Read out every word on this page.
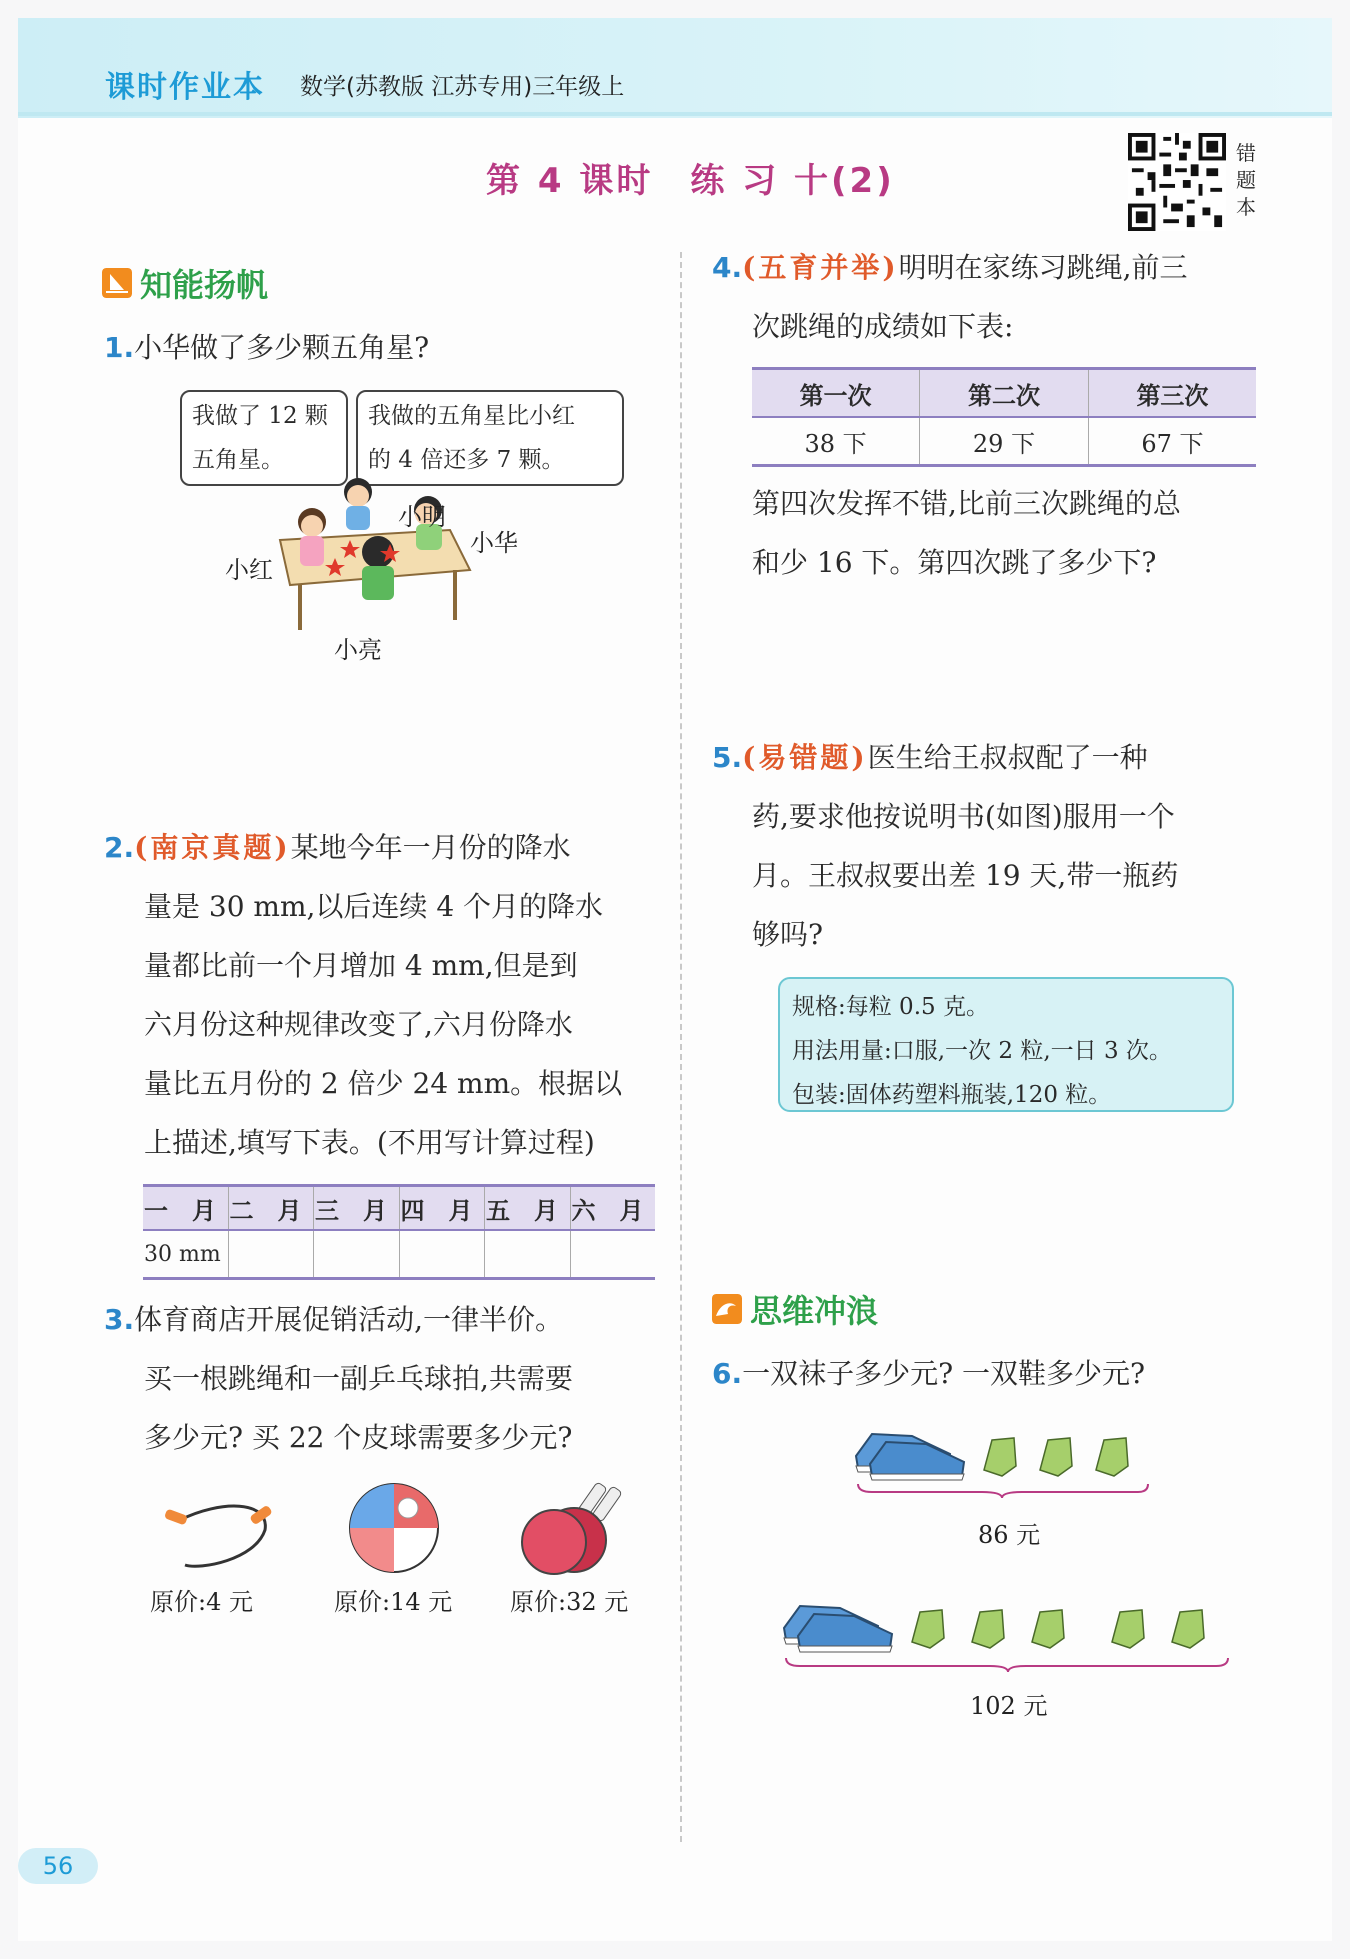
课时作业本 数学(苏教版 江苏专用)三年级上
第 4 课时　练 习 十(2)
错
题
本
知能扬帆
1.小华做了多少颗五角星?
我做了 12 颗
五角星。
我做的五角星比小红
的 4 倍还多 7 颗。
小明
小华
小红
小亮
2.(南京真题)某地今年一月份的降水
量是 30 mm,以后连续 4 个月的降水
量都比前一个月增加 4 mm,但是到
六月份这种规律改变了,六月份降水
量比五月份的 2 倍少 24 mm。根据以
上描述,填写下表。(不用写计算过程)
一　月	二　月	三　月	四　月	五　月	六　月
30 mm					
3.体育商店开展促销活动,一律半价。
买一根跳绳和一副乒乓球拍,共需要
多少元? 买 22 个皮球需要多少元?
原价:4 元	原价:14 元 原价:32 元
4.(五育并举)明明在家练习跳绳,前三
次跳绳的成绩如下表:
第一次	第二次	第三次
38 下	29 下	67 下
第四次发挥不错,比前三次跳绳的总
和少 16 下。第四次跳了多少下?
5.(易错题)医生给王叔叔配了一种
药,要求他按说明书(如图)服用一个
月。王叔叔要出差 19 天,带一瓶药
够吗?
规格:每粒 0.5 克。
用法用量:口服,一次 2 粒,一日 3 次。
包装:固体药塑料瓶装,120 粒。
思维冲浪
6.一双袜子多少元? 一双鞋多少元?
86 元
102 元
56
